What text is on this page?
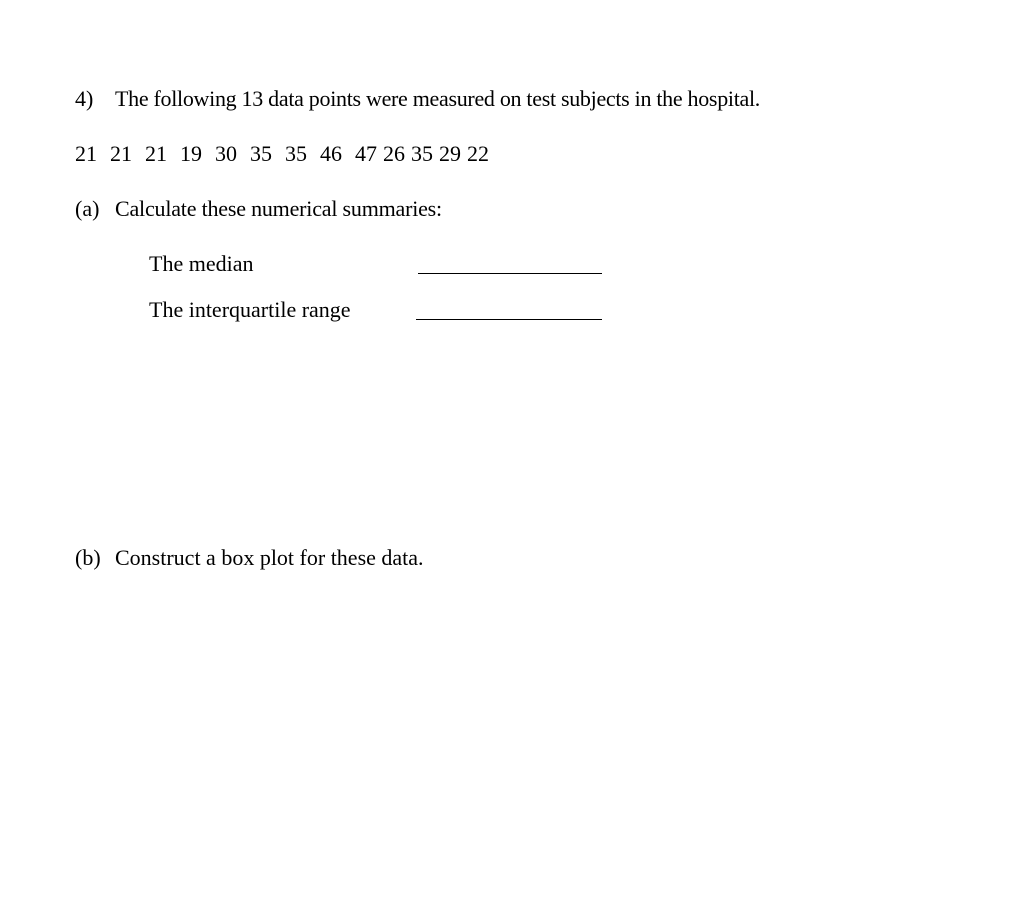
4) The following 13 data points were measured on test subjects in the hospital.
21 21 21 19 30 35 35 46 47 26 35 29 22
(a) Calculate these numerical summaries:
The median
The interquartile range
(b) Construct a box plot for these data.
